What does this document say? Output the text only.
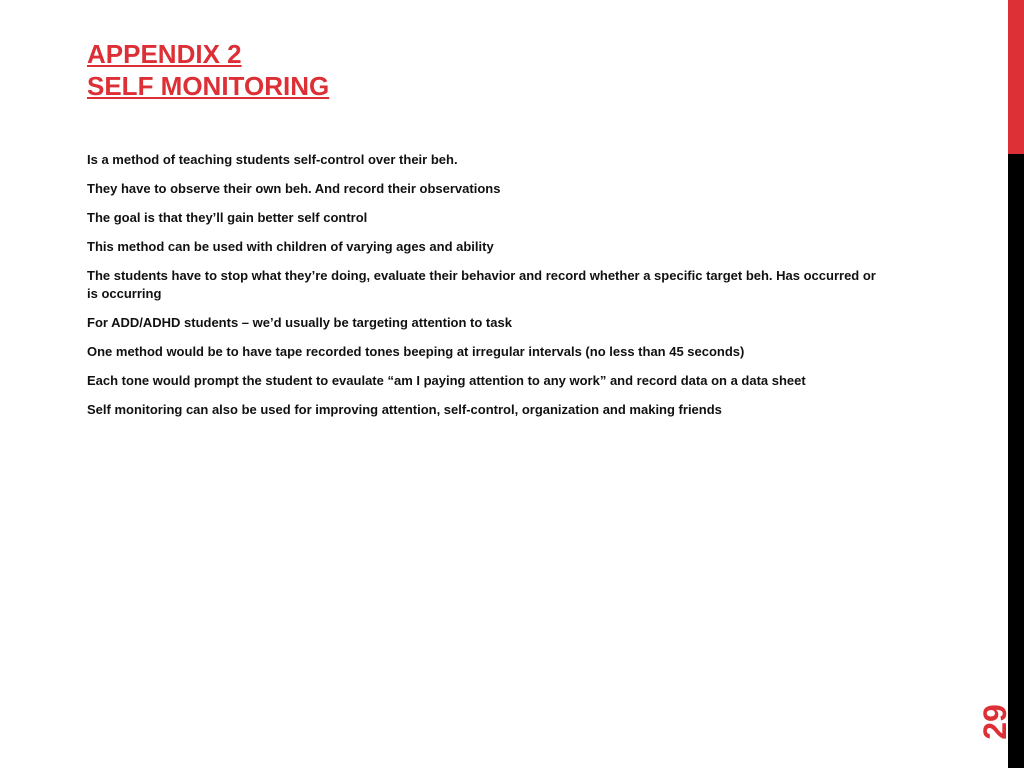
APPENDIX 2
SELF MONITORING
Is a method of teaching students self-control over their beh.
They have to observe their own beh. And record their observations
The goal is that they’ll gain better self control
This method can be used with children of varying ages and ability
The students have to stop what they’re doing, evaluate their behavior and record whether a specific target beh. Has occurred or is occurring
For ADD/ADHD students – we’d usually be targeting attention to task
One method would be to have tape recorded tones beeping at irregular intervals (no less than 45 seconds)
Each tone would prompt the student to evaulate “am I paying attention to any work” and record data on a data sheet
Self monitoring can also be used for improving attention, self-control, organization and making friends
29
